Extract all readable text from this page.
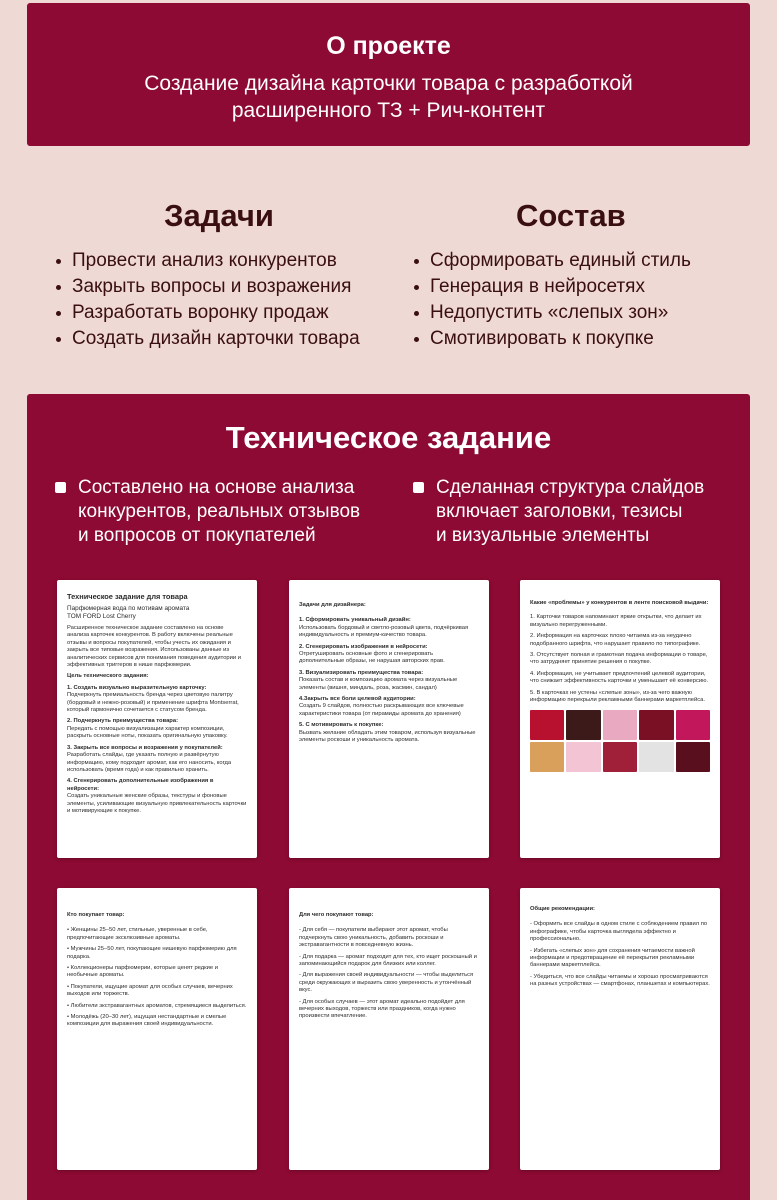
О проекте
Создание дизайна карточки товара с разработкой
расширенного ТЗ + Рич-контент
Задачи
Провести анализ конкурентов
Закрыть вопросы и возражения
Разработать воронку продаж
Создать дизайн карточки товара
Состав
Сформировать единый стиль
Генерация в нейросетях
Недопустить «слепых зон»
Смотивировать к покупке
Техническое задание
Составлено на основе анализа
конкурентов, реальных отзывов
и вопросов от покупателей
Сделанная структура слайдов
включает заголовки, тезисы
и визуальные элементы

Техническое задание для товара

Парфюмерная вода по мотивам аромата

TOM FORD Lost Cherry

Расширенное техническое задание составлено на основе анализа карточек конкурентов. В работу включены реальные отзывы и вопросы покупателей, чтобы учесть их ожидания и закрыть все типовые возражения. Использованы данные из аналитических сервисов для понимания поведения аудитории и эффективных триггеров в нише парфюмерии.

Цель технического задания:

1. Создать визуально выразительную карточку:

Подчеркнуть премиальность бренда через цветовую палитру (бордовый и нежно-розовый) и применение шрифта Montserrat, который гармонично сочетается с статусом бренда.

2. Подчеркнуть преимущества товара:

Передать с помощью визуализации характер композиции, раскрыть основные ноты, показать оригинальную упаковку.

3. Закрыть все вопросы и возражения у покупателей:

Разработать слайды, где указать полную и развёрнутую информацию, кому подходит аромат, как его наносить, когда использовать (время года) и как правильно хранить.

4. Сгенерировать дополнительные изображения в нейросети:

Создать уникальные женские образы, текстуры и фоновые элементы, усиливающие визуальную привлекательность карточки и мотивирующие к покупке.

Задачи для дизайнера:

1. Сформировать уникальный дизайн:

Использовать бордовый и светло-розовый цвета, подчёркивая индивидуальность и премиум-качество товара.

2. Сгенерировать изображения в нейросети:

Отретушировать основные фото и сгенерировать дополнительные образы, не нарушая авторских прав.

3. Визуализировать преимущества товара:

Показать состав и композицию аромата через визуальные элементы (вишня, миндаль, роза, жасмин, сандал)

4.Закрыть все боли целевой аудитории:

Создать 9 слайдов, полностью раскрывающих все ключевые характеристики товара (от пирамиды аромата до хранения)

5. С мотивировать к покупке:

Вызвать желание обладать этим товаром, используя визуальные элементы роскоши и уникальность аромата.

Какие «проблемы» у конкурентов в ленте поисковой выдачи:

1. Карточки товаров напоминают яркие открытки, что делает их визуально перегруженными.

2. Информация на карточках плохо читаема из-за неудачно подобранного шрифта, что нарушает правило по типографике.

3. Отсутствует полная и грамотная подача информации о товаре, что затрудняет принятие решения о покупке.

4. Информация, не учитывает предпочтений целевой аудитории, что снижает эффективность карточки и уменьшает её конверсию.

5. В карточках не устены «слепые зоны», из-за чего важную информацию перекрыли рекламными баннерами маркетплейса.

Кто покупает товар:

• Женщины 25–50 лет, стильные, уверенные в себе, предпочитающие эксклюзивные ароматы.

• Мужчины 25–50 лет, покупающие нишевую парфюмерию для подарка.

• Коллекционеры парфюмерии, которые ценят редкие и необычные ароматы.

• Покупатели, ищущие аромат для особых случаев, вечерних выходов или торжеств.

• Любители экстравагантных ароматов, стремящиеся выделиться.

• Молодёжь (20–30 лет), ищущая нестандартные и смелые композиции для выражения своей индивидуальности.

Для чего покупают товар:

- Для себя — покупатели выбирают этот аромат, чтобы подчеркнуть свою уникальность, добавить роскоши и экстравагантности в повседневную жизнь.

- Для подарка — аромат подходит для тех, кто ищет роскошный и запоминающийся подарок для близких или коллег.

- Для выражения своей индивидуальности — чтобы выделиться среди окружающих и выразить свою уверенность и утончённый вкус.

- Для особых случаев — этот аромат идеально подойдет для вечерних выходов, торжеств или праздников, когда нужно произвести впечатление.

Общие рекомендации:

- Оформить все слайды в одном стиле с соблюдением правил по инфографике, чтобы карточка выглядела эффектно и профессионально.

- Избегать «слепых зон» для сохранения читаемости важной информации и предотвращение её перекрытия рекламными баннерами маркетплейса.

- Убедиться, что все слайды читаемы и хорошо просматриваются на разных устройствах — смартфонах, планшетах и компьютерах.
